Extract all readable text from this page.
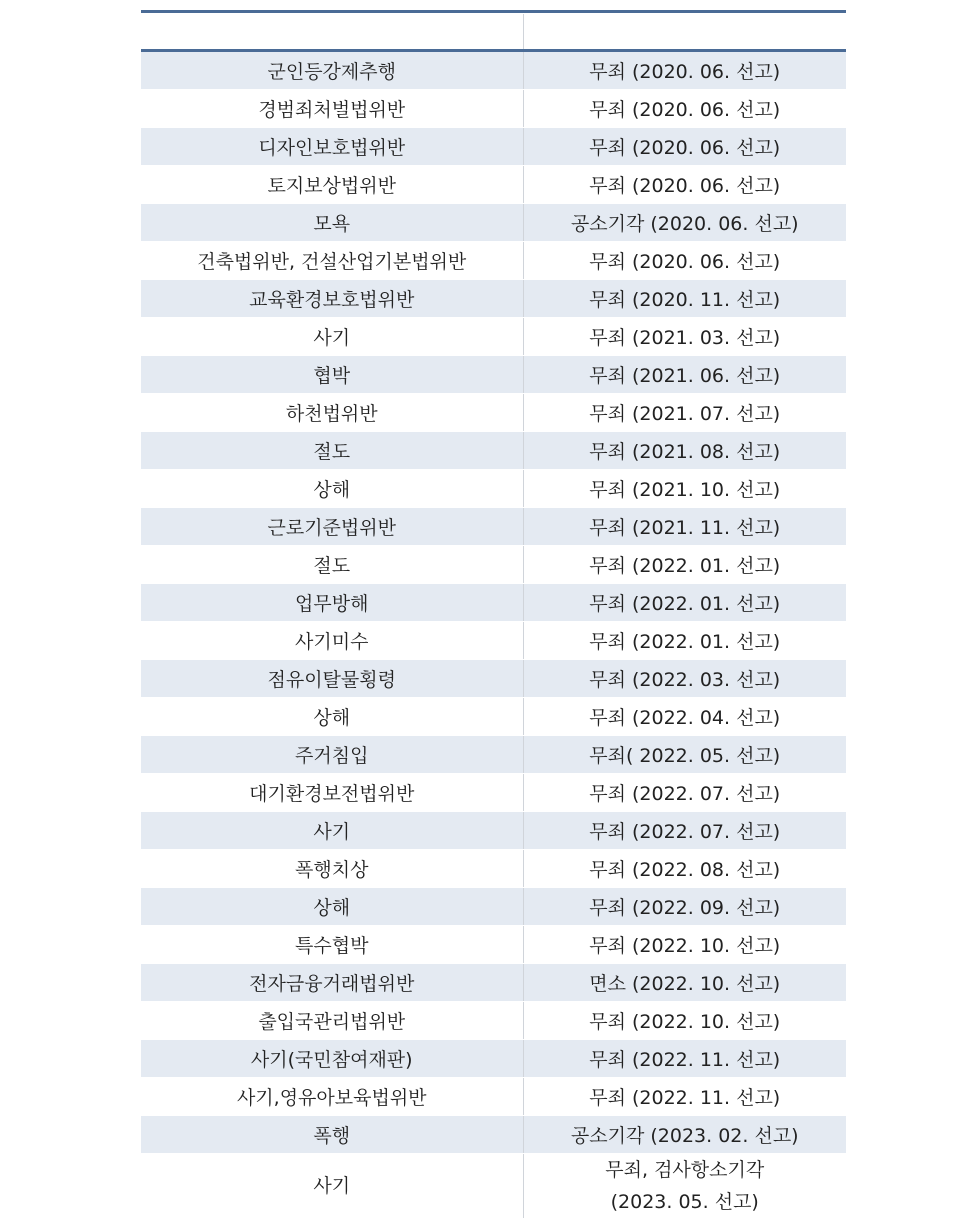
군인등강제추행	무죄 (2020. 06. 선고)
경범죄처벌법위반	무죄 (2020. 06. 선고)
디자인보호법위반	무죄 (2020. 06. 선고)
토지보상법위반	무죄 (2020. 06. 선고)
모욕	공소기각 (2020. 06. 선고)
건축법위반, 건설산업기본법위반	무죄 (2020. 06. 선고)
교육환경보호법위반	무죄 (2020. 11. 선고)
사기	무죄 (2021. 03. 선고)
협박	무죄 (2021. 06. 선고)
하천법위반	무죄 (2021. 07. 선고)
절도	무죄 (2021. 08. 선고)
상해	무죄 (2021. 10. 선고)
근로기준법위반	무죄 (2021. 11. 선고)
절도	무죄 (2022. 01. 선고)
업무방해	무죄 (2022. 01. 선고)
사기미수	무죄 (2022. 01. 선고)
점유이탈물횡령	무죄 (2022. 03. 선고)
상해	무죄 (2022. 04. 선고)
주거침입	무죄( 2022. 05. 선고)
대기환경보전법위반	무죄 (2022. 07. 선고)
사기	무죄 (2022. 07. 선고)
폭행치상	무죄 (2022. 08. 선고)
상해	무죄 (2022. 09. 선고)
특수협박	무죄 (2022. 10. 선고)
전자금융거래법위반	면소 (2022. 10. 선고)
출입국관리법위반	무죄 (2022. 10. 선고)
사기(국민참여재판)	무죄 (2022. 11. 선고)
사기,영유아보육법위반	무죄 (2022. 11. 선고)
폭행	공소기각 (2023. 02. 선고)
사기	무죄, 검사항소기각
(2023. 05. 선고)
